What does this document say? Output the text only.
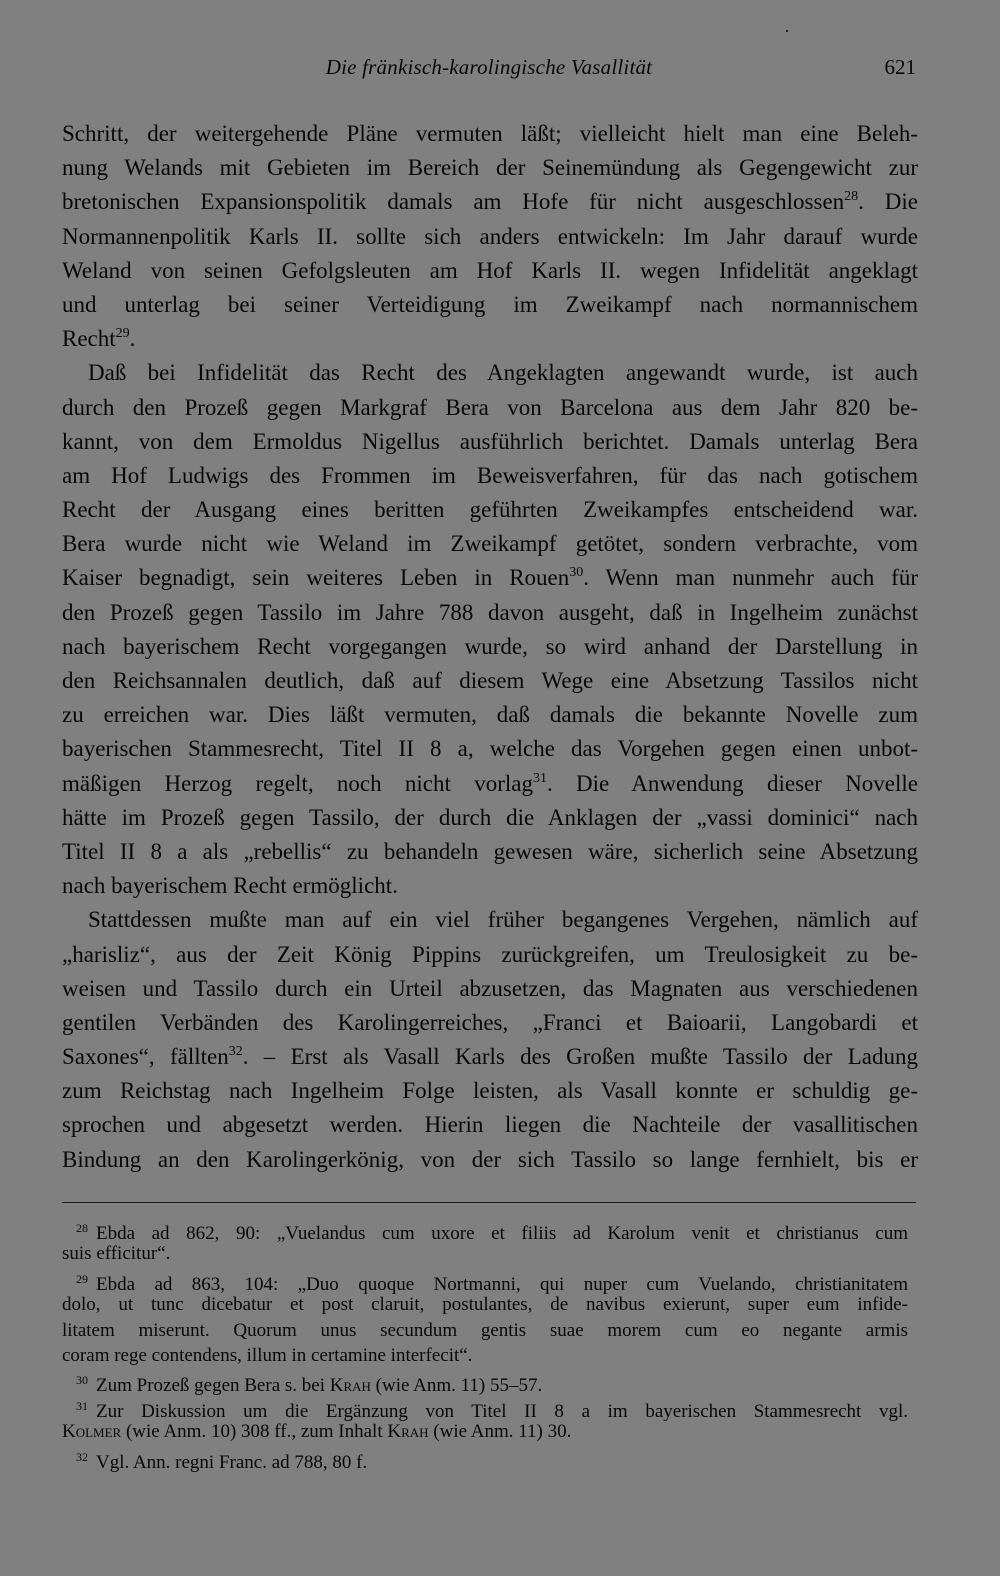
Die fränkisch-karolingische Vasallität	621
Schritt, der weitergehende Pläne vermuten läßt; vielleicht hielt man eine Beleh-
nung Welands mit Gebieten im Bereich der Seinemündung als Gegengewicht zur
bretonischen Expansionspolitik damals am Hofe für nicht ausgeschlossen$^{28}$. Die
Normannenpolitik Karls II. sollte sich anders entwickeln: Im Jahr darauf wurde
Weland von seinen Gefolgsleuten am Hof Karls II. wegen Infidelität angeklagt
und unterlag bei seiner Verteidigung im Zweikampf nach normannischem
Recht$^{29}$.
Daß bei Infidelität das Recht des Angeklagten angewandt wurde, ist auch
durch den Prozeß gegen Markgraf Bera von Barcelona aus dem Jahr 820 be-
kannt, von dem Ermoldus Nigellus ausführlich berichtet. Damals unterlag Bera
am Hof Ludwigs des Frommen im Beweisverfahren, für das nach gotischem
Recht der Ausgang eines beritten geführten Zweikampfes entscheidend war.
Bera wurde nicht wie Weland im Zweikampf getötet, sondern verbrachte, vom
Kaiser begnadigt, sein weiteres Leben in Rouen$^{30}$. Wenn man nunmehr auch für
den Prozeß gegen Tassilo im Jahre 788 davon ausgeht, daß in Ingelheim zunächst
nach bayerischem Recht vorgegangen wurde, so wird anhand der Darstellung in
den Reichsannalen deutlich, daß auf diesem Wege eine Absetzung Tassilos nicht
zu erreichen war. Dies läßt vermuten, daß damals die bekannte Novelle zum
bayerischen Stammesrecht, Titel II 8 a, welche das Vorgehen gegen einen unbot-
mäßigen Herzog regelt, noch nicht vorlag$^{31}$. Die Anwendung dieser Novelle
hätte im Prozeß gegen Tassilo, der durch die Anklagen der „vassi dominici“ nach
Titel II 8 a als „rebellis“ zu behandeln gewesen wäre, sicherlich seine Absetzung
nach bayerischem Recht ermöglicht.
Stattdessen mußte man auf ein viel früher begangenes Vergehen, nämlich auf
„harisliz“, aus der Zeit König Pippins zurückgreifen, um Treulosigkeit zu be-
weisen und Tassilo durch ein Urteil abzusetzen, das Magnaten aus verschiedenen
gentilen Verbänden des Karolingerreiches, „Franci et Baioarii, Langobardi et
Saxones“, fällten$^{32}$. – Erst als Vasall Karls des Großen mußte Tassilo der Ladung
zum Reichstag nach Ingelheim Folge leisten, als Vasall konnte er schuldig ge-
sprochen und abgesetzt werden. Hierin liegen die Nachteile der vasallitischen
Bindung an den Karolingerkönig, von der sich Tassilo so lange fernhielt, bis er
$^{28}$ Ebda ad 862, 90: „Vuelandus cum uxore et filiis ad Karolum venit et christianus cum
suis efficitur“.
$^{29}$ Ebda ad 863, 104: „Duo quoque Nortmanni, qui nuper cum Vuelando, christianitatem
dolo, ut tunc dicebatur et post claruit, postulantes, de navibus exierunt, super eum infide-
litatem miserunt. Quorum unus secundum gentis suae morem cum eo negante armis
coram rege contendens, illum in certamine interfecit“.
$^{30}$ Zum Prozeß gegen Bera s. bei Krah (wie Anm. 11) 55–57.
$^{31}$ Zur Diskussion um die Ergänzung von Titel II 8 a im bayerischen Stammesrecht vgl.
Kolmer (wie Anm. 10) 308 ff., zum Inhalt Krah (wie Anm. 11) 30.
$^{32}$ Vgl. Ann. regni Franc. ad 788, 80 f.
